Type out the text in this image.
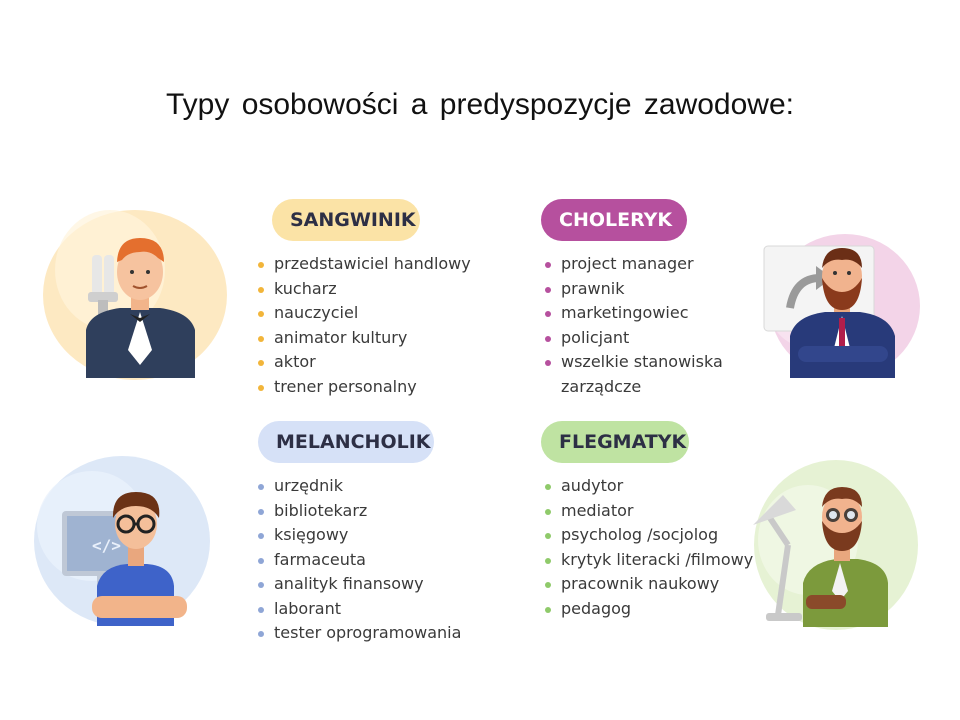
Typy osobowości a predyspozycje zawodowe:
SANGWINIK
przedstawiciel handlowy
kucharz
nauczyciel
animator kultury
aktor
trener personalny
CHOLERYK
project manager
prawnik
marketingowiec
policjant
wszelkie stanowiska
zarządcze
MELANCHOLIK
urzędnik
bibliotekarz
księgowy
farmaceuta
analityk finansowy
laborant
tester oprogramowania
FLEGMATYK
audytor
mediator
psycholog /socjolog
krytyk literacki /filmowy
pracownik naukowy
pedagog
</>
